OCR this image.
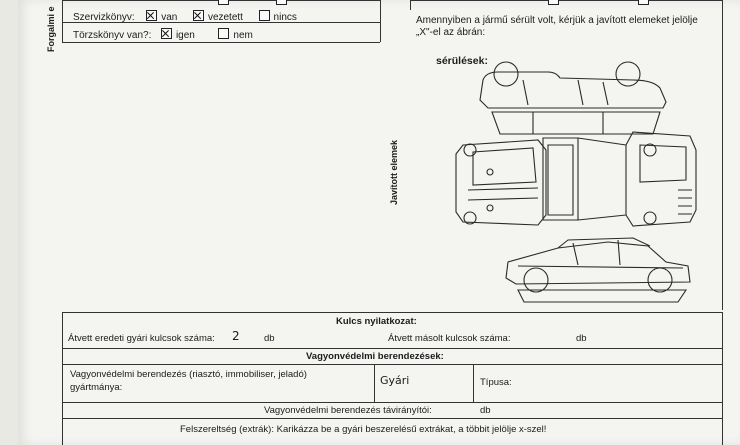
Forgalmi e Szervizkönyv:	van	vezetett	nincs
Törzskönyv van?: igen	nem
Amennyiben a jármű sérült volt, kérjük a javított elemeket jelölje
„X"-el az ábrán:
Javított elemek
sérülések:
Kulcs nyilatkozat:
Átvett eredeti gyári kulcsok száma: 2	db	Átvett másolt kulcsok száma:	db
Vagyonvédelmi berendezések:
Vagyonvédelmi berendezés (riasztó, immobiliser, jeladó)
gyártmánya:
Gyári	Típusa:
Vagyonvédelmi berendezés távirányítói:	db
Felszereltség (extrák): Karikázza be a gyári beszerelésű extrákat, a többit jelölje x-szel!
